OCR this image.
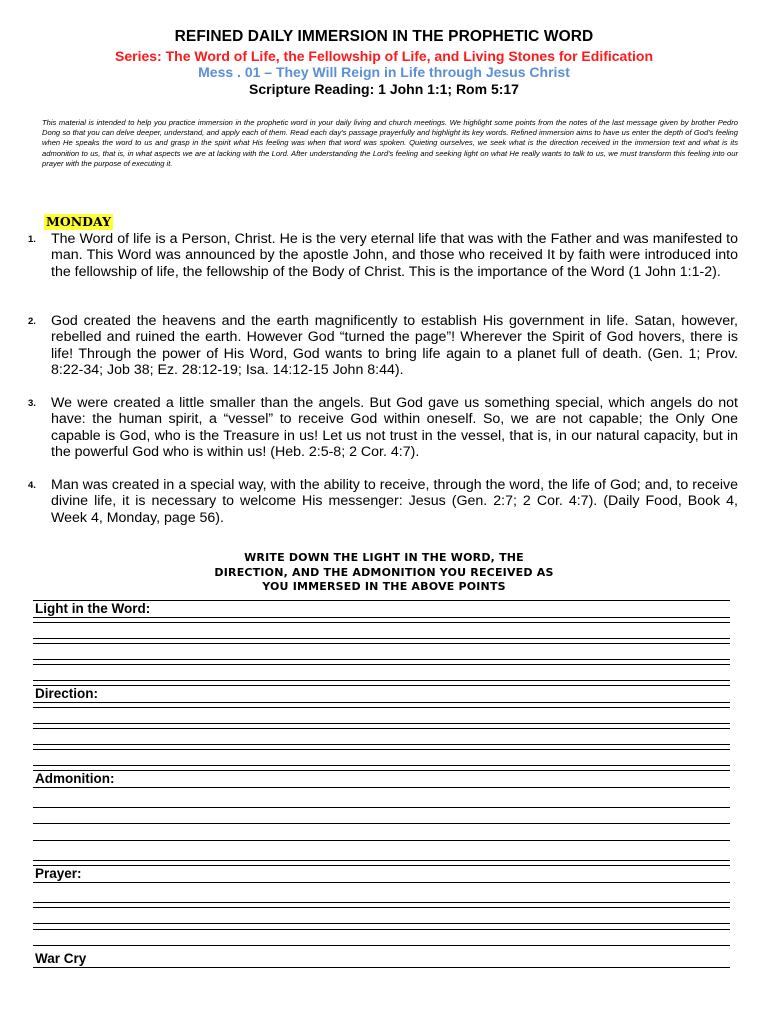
REFINED DAILY IMMERSION IN THE PROPHETIC WORD
Series: The Word of Life, the Fellowship of Life, and Living Stones for Edification
Mess . 01 – They Will Reign in Life through Jesus Christ
Scripture Reading: 1 John 1:1; Rom 5:17
This material is intended to help you practice immersion in the prophetic word in your daily living and church meetings. We highlight some points from the notes of the last message given by brother Pedro Dong so that you can delve deeper, understand, and apply each of them. Read each day's passage prayerfully and highlight its key words. Refined immersion aims to have us enter the depth of God's feeling when He speaks the word to us and grasp in the spirit what His feeling was when that word was spoken. Quieting ourselves, we seek what is the direction received in the immersion text and what is its admonition to us, that is, in what aspects we are at lacking with the Lord. After understanding the Lord's feeling and seeking light on what He really wants to talk to us, we must transform this feeling into our prayer with the purpose of executing it.
MONDAY
1. The Word of life is a Person, Christ. He is the very eternal life that was with the Father and was manifested to man. This Word was announced by the apostle John, and those who received It by faith were introduced into the fellowship of life, the fellowship of the Body of Christ. This is the importance of the Word (1 John 1:1-2).
2. God created the heavens and the earth magnificently to establish His government in life. Satan, however, rebelled and ruined the earth. However God “turned the page”! Wherever the Spirit of God hovers, there is life! Through the power of His Word, God wants to bring life again to a planet full of death. (Gen. 1; Prov. 8:22-34; Job 38; Ez. 28:12-19; Isa. 14:12-15 John 8:44).
3. We were created a little smaller than the angels. But God gave us something special, which angels do not have: the human spirit, a “vessel” to receive God within oneself. So, we are not capable; the Only One capable is God, who is the Treasure in us! Let us not trust in the vessel, that is, in our natural capacity, but in the powerful God who is within us! (Heb. 2:5-8; 2 Cor. 4:7).
4. Man was created in a special way, with the ability to receive, through the word, the life of God; and, to receive divine life, it is necessary to welcome His messenger: Jesus (Gen. 2:7; 2 Cor. 4:7). (Daily Food, Book 4, Week 4, Monday, page 56).
WRITE DOWN THE LIGHT IN THE WORD, THE
DIRECTION, AND THE ADMONITION YOU RECEIVED AS
YOU IMMERSED IN THE ABOVE POINTS
Light in the Word:
Direction:
Admonition:
Prayer:
War Cry
